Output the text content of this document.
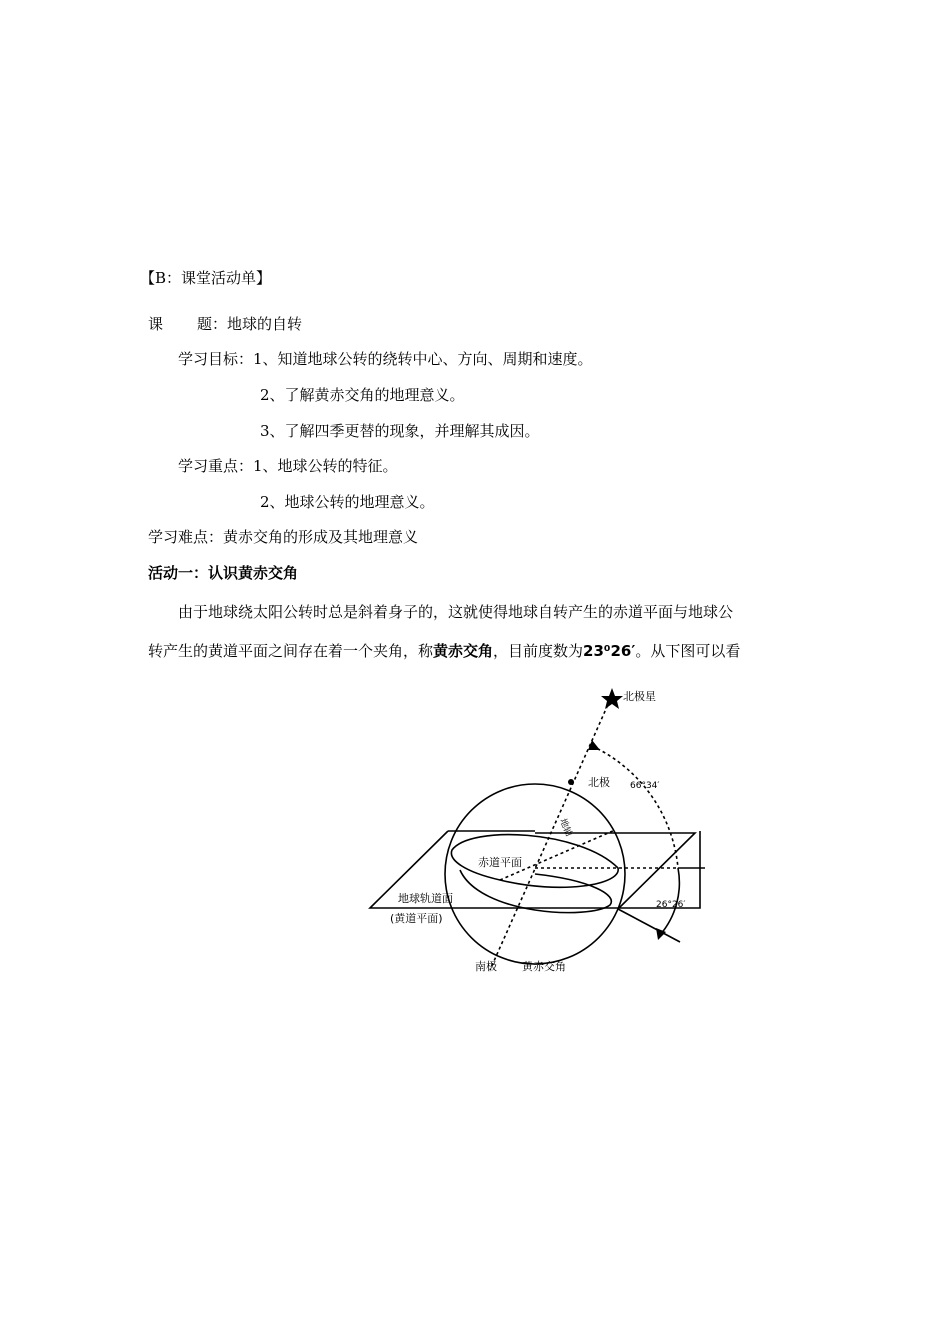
【B：课堂活动单】
课 题：地球的自转
学习目标：1、知道地球公转的绕转中心、方向、周期和速度。
2、了解黄赤交角的地理意义。
3、了解四季更替的现象，并理解其成因。
学习重点：1、地球公转的特征。
2、地球公转的地理意义。
学习难点：黄赤交角的形成及其地理意义
活动一：认识黄赤交角
由于地球绕太阳公转时总是斜着身子的，这就使得地球自转产生的赤道平面与地球公
转产生的黄道平面之间存在着一个夹角，称黄赤交角，目前度数为23⁰26′。从下图可以看
北极星
北极 66°34′
地轴
赤道平面
地球轨道面
(黄道平面)
26°26′
南极 黄赤交角
